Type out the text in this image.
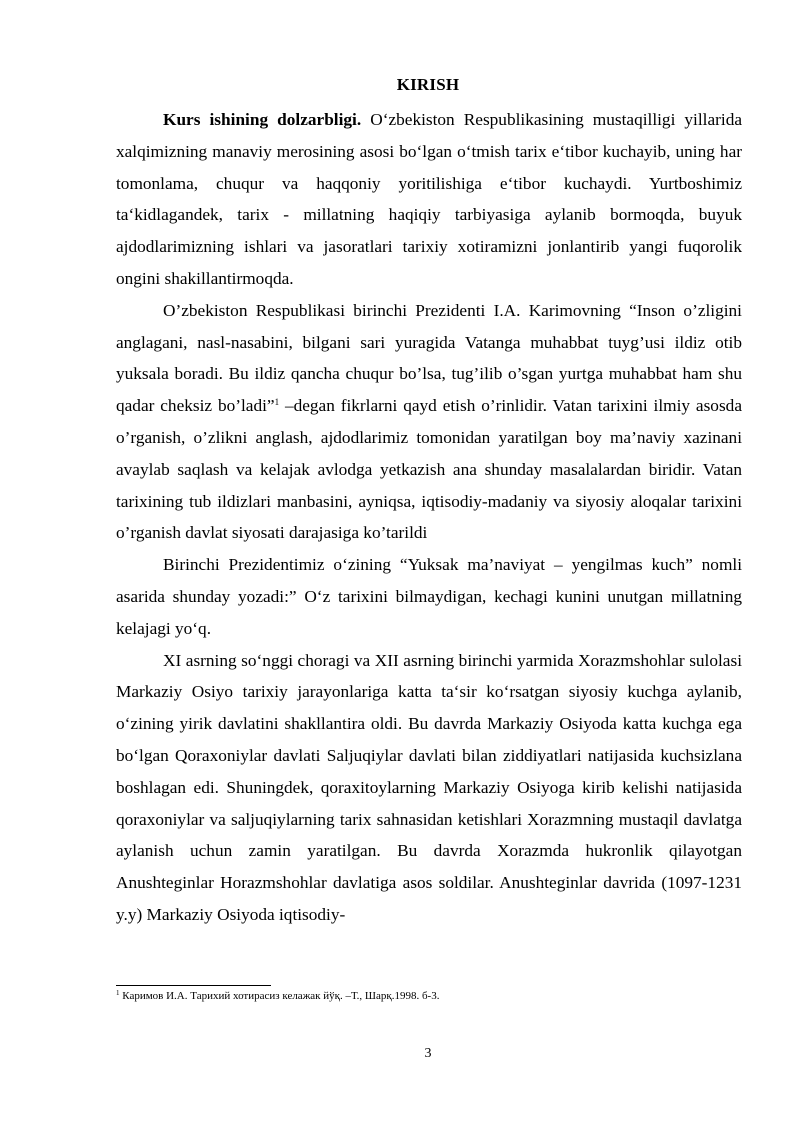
KIRISH

Kurs ishining dolzarbligi. O‘zbekiston Respublikasining mustaqilligi yillarida xalqimizning manaviy merosining asosi bo‘lgan o‘tmish tarix e‘tibor kuchayib, uning har tomonlama, chuqur va haqqoniy yoritilishiga e‘tibor kuchaydi. Yurtboshimiz ta‘kidlagandek, tarix - millatning haqiqiy tarbiyasiga aylanib bormoqda, buyuk ajdodlarimizning ishlari va jasoratlari tarixiy xotiramizni jonlantirib yangi fuqorolik ongini shakillantirmoqda.

O’zbekiston Respublikasi birinchi Prezidenti I.A. Karimovning “Inson o’zligini anglagani, nasl-nasabini, bilgani sari yuragida Vatanga muhabbat tuyg’usi ildiz otib yuksala boradi. Bu ildiz qancha chuqur bo’lsa, tug’ilib o’sgan yurtga muhabbat ham shu qadar cheksiz bo’ladi”$^1$ –degan fikrlarni qayd etish o’rinlidir. Vatan tarixini ilmiy asosda o’rganish, o’zlikni anglash, ajdodlarimiz tomonidan yaratilgan boy ma’naviy xazinani avaylab saqlash va kelajak avlodga yetkazish ana shunday masalalardan biridir. Vatan tarixining tub ildizlari manbasini, ayniqsa, iqtisodiy-madaniy va siyosiy aloqalar tarixini o’rganish davlat siyosati darajasiga ko’tarildi

Birinchi Prezidentimiz o‘zining “Yuksak ma’naviyat – yengilmas kuch” nomli asarida shunday yozadi:” O‘z tarixini bilmaydigan, kechagi kunini unutgan millatning kelajagi yo‘q.

XI asrning so‘nggi choragi va XII asrning birinchi yarmida Xorazmshohlar sulolasi Markaziy Osiyo tarixiy jarayonlariga katta ta‘sir ko‘rsatgan siyosiy kuchga aylanib, o‘zining yirik davlatini shakllantira oldi. Bu davrda Markaziy Osiyoda katta kuchga ega bo‘lgan Qoraxoniylar davlati Saljuqiylar davlati bilan ziddiyatlari natijasida kuchsizlana boshlagan edi. Shuningdek, qoraxitoylarning Markaziy Osiyoga kirib kelishi natijasida qoraxoniylar va saljuqiylarning tarix sahnasidan ketishlari Xorazmning mustaqil davlatga aylanish uchun zamin yaratilgan. Bu davrda Xorazmda hukronlik qilayotgan Anushteginlar Horazmshohlar davlatiga asos soldilar. Anushteginlar davrida (1097-1231 y.y) Markaziy Osiyoda iqtisodiy-

$^1$ Каримов И.А. Тарихий хотирасиз келажак йўқ. –Т., Шарқ.1998. б-3.
3
